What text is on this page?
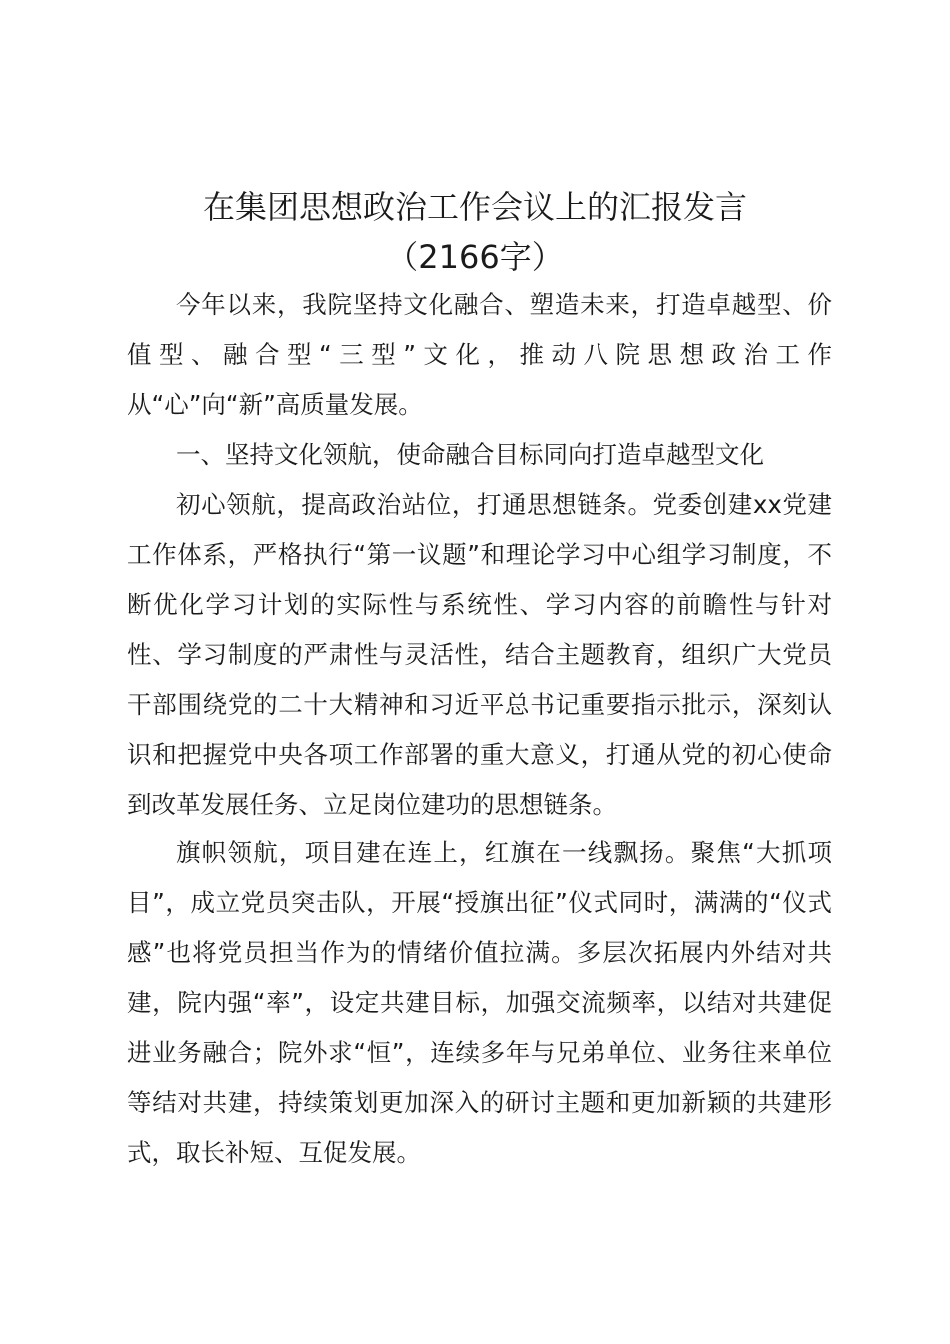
在集团思想政治工作会议上的汇报发言
（2166字）

今年以来，我院坚持文化融合、塑造未来，打造卓越型、价值型、融合型“三型”文化，推动八院思想政治工作从“心”向“新”高质量发展。

一、坚持文化领航，使命融合目标同向打造卓越型文化

初心领航，提高政治站位，打通思想链条。党委创建xx党建工作体系，严格执行“第一议题”和理论学习中心组学习制度，不断优化学习计划的实际性与系统性、学习内容的前瞻性与针对性、学习制度的严肃性与灵活性，结合主题教育，组织广大党员干部围绕党的二十大精神和习近平总书记重要指示批示，深刻认识和把握党中央各项工作部署的重大意义，打通从党的初心使命到改革发展任务、立足岗位建功的思想链条。

旗帜领航，项目建在连上，红旗在一线飘扬。聚焦“大抓项目”，成立党员突击队，开展“授旗出征”仪式同时，满满的“仪式感”也将党员担当作为的情绪价值拉满。多层次拓展内外结对共建，院内强“率”，设定共建目标，加强交流频率，以结对共建促进业务融合；院外求“恒”，连续多年与兄弟单位、业务往来单位等结对共建，持续策划更加深入的研讨主题和更加新颖的共建形式，取长补短、互促发展。
